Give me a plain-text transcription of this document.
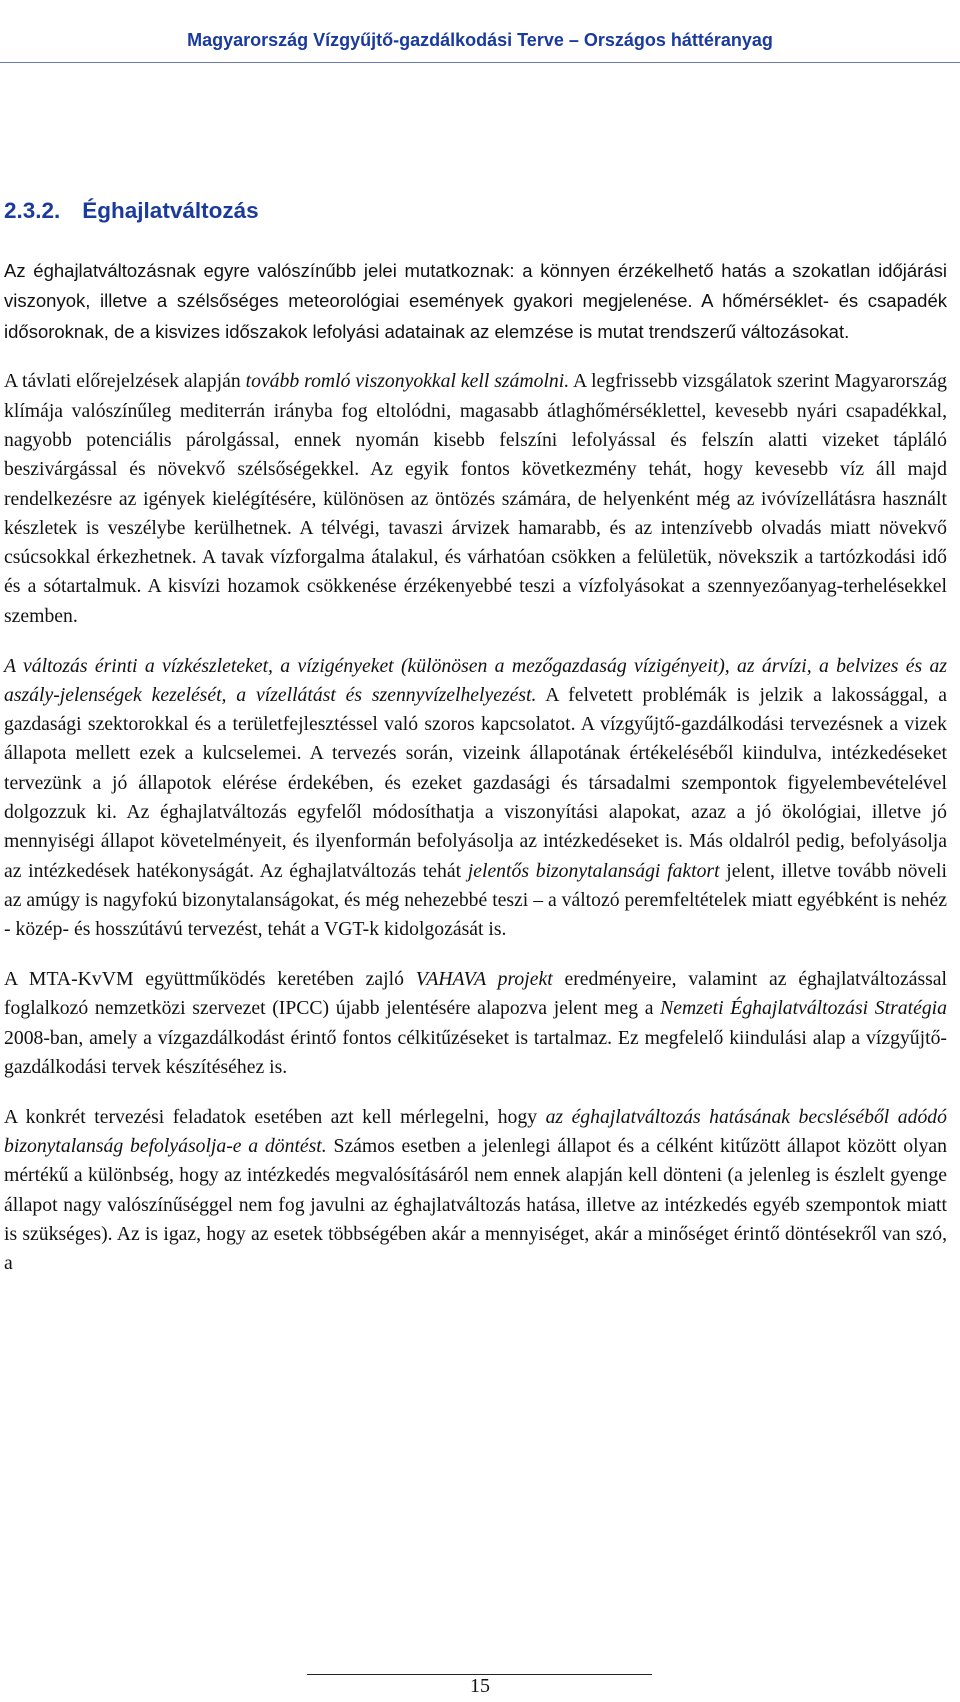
Magyarország Vízgyűjtő-gazdálkodási Terve – Országos háttéranyag
2.3.2. Éghajlatváltozás

Az éghajlatváltozásnak egyre valószínűbb jelei mutatkoznak: a könnyen érzékelhető hatás a szokatlan időjárási viszonyok, illetve a szélsőséges meteorológiai események gyakori megjelenése. A hőmérséklet- és csapadék idősoroknak, de a kisvizes időszakok lefolyási adatainak az elemzése is mutat trendszerű változásokat.

A távlati előrejelzések alapján tovább romló viszonyokkal kell számolni. A legfrissebb vizsgálatok szerint Magyarország klímája valószínűleg mediterrán irányba fog eltolódni, magasabb átlaghőmérséklettel, kevesebb nyári csapadékkal, nagyobb potenciális párolgással, ennek nyomán kisebb felszíni lefolyással és felszín alatti vizeket tápláló beszivárgással és növekvő szélsőségekkel. Az egyik fontos következmény tehát, hogy kevesebb víz áll majd rendelkezésre az igények kielégítésére, különösen az öntözés számára, de helyenként még az ivóvízellátásra használt készletek is veszélybe kerülhetnek. A télvégi, tavaszi árvizek hamarabb, és az intenzívebb olvadás miatt növekvő csúcsokkal érkezhetnek. A tavak vízforgalma átalakul, és várhatóan csökken a felületük, növekszik a tartózkodási idő és a sótartalmuk. A kisvízi hozamok csökkenése érzékenyebbé teszi a vízfolyásokat a szennyezőanyag-terhelésekkel szemben.

A változás érinti a vízkészleteket, a vízigényeket (különösen a mezőgazdaság vízigényeit), az árvízi, a belvizes és az aszály-jelenségek kezelését, a vízellátást és szennyvízelhelyezést. A felvetett problémák is jelzik a lakossággal, a gazdasági szektorokkal és a területfejlesztéssel való szoros kapcsolatot. A vízgyűjtő-gazdálkodási tervezésnek a vizek állapota mellett ezek a kulcselemei. A tervezés során, vizeink állapotának értékeléséből kiindulva, intézkedéseket tervezünk a jó állapotok elérése érdekében, és ezeket gazdasági és társadalmi szempontok figyelembevételével dolgozzuk ki. Az éghajlatváltozás egyfelől módosíthatja a viszonyítási alapokat, azaz a jó ökológiai, illetve jó mennyiségi állapot követelményeit, és ilyenformán befolyásolja az intézkedéseket is. Más oldalról pedig, befolyásolja az intézkedések hatékonyságát. Az éghajlatváltozás tehát jelentős bizonytalansági faktort jelent, illetve tovább növeli az amúgy is nagyfokú bizonytalanságokat, és még nehezebbé teszi – a változó peremfeltételek miatt egyébként is nehéz - közép- és hosszútávú tervezést, tehát a VGT-k kidolgozását is.

A MTA-KvVM együttműködés keretében zajló VAHAVA projekt eredményeire, valamint az éghajlatváltozással foglalkozó nemzetközi szervezet (IPCC) újabb jelentésére alapozva jelent meg a Nemzeti Éghajlatváltozási Stratégia 2008-ban, amely a vízgazdálkodást érintő fontos célkitűzéseket is tartalmaz. Ez megfelelő kiindulási alap a vízgyűjtő-gazdálkodási tervek készítéséhez is.

A konkrét tervezési feladatok esetében azt kell mérlegelni, hogy az éghajlatváltozás hatásának becsléséből adódó bizonytalanság befolyásolja-e a döntést. Számos esetben a jelenlegi állapot és a célként kitűzött állapot között olyan mértékű a különbség, hogy az intézkedés megvalósításáról nem ennek alapján kell dönteni (a jelenleg is észlelt gyenge állapot nagy valószínűséggel nem fog javulni az éghajlatváltozás hatása, illetve az intézkedés egyéb szempontok miatt is szükséges). Az is igaz, hogy az esetek többségében akár a mennyiséget, akár a minőséget érintő döntésekről van szó, a

15
